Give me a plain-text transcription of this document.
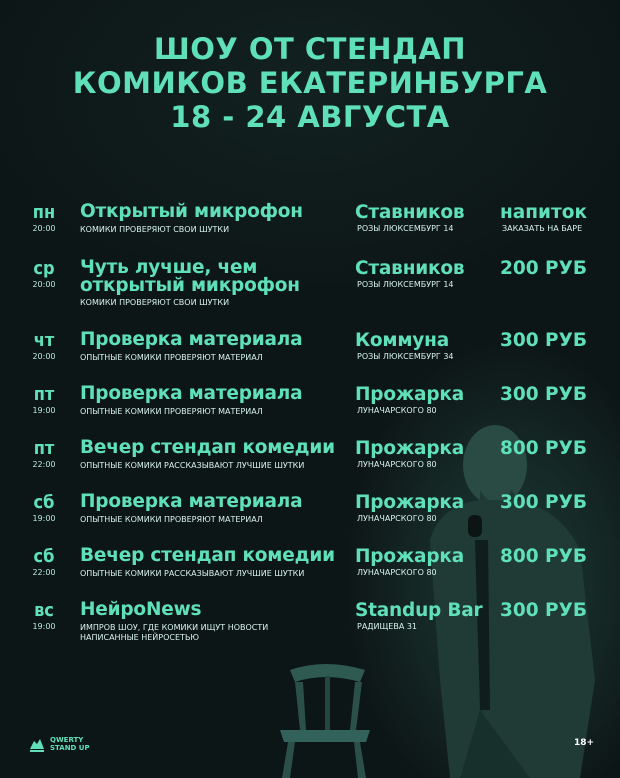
ШОУ ОТ СТЕНДАП
КОМИКОВ ЕКАТЕРИНБУРГА
18 - 24 АВГУСТА
пн
20:00
Открытый микрофон
КОМИКИ ПРОВЕРЯЮТ СВОИ ШУТКИ
Ставников
РОЗЫ ЛЮКСЕМБУРГ 14
напиток
ЗАКАЗАТЬ НА БАРЕ
ср
20:00
Чуть лучше, чем
открытый микрофон
КОМИКИ ПРОВЕРЯЮТ СВОИ ШУТКИ
Ставников
РОЗЫ ЛЮКСЕМБУРГ 14
200 РУБ
чт
20:00
Проверка материала
ОПЫТНЫЕ КОМИКИ ПРОВЕРЯЮТ МАТЕРИАЛ
Коммуна
РОЗЫ ЛЮКСЕМБУРГ 34
300 РУБ
пт
19:00
Проверка материала
ОПЫТНЫЕ КОМИКИ ПРОВЕРЯЮТ МАТЕРИАЛ
Прожарка
ЛУНАЧАРСКОГО 80
300 РУБ
пт
22:00
Вечер стендап комедии
ОПЫТНЫЕ КОМИКИ РАССКАЗЫВАЮТ ЛУЧШИЕ ШУТКИ
Прожарка
ЛУНАЧАРСКОГО 80
800 РУБ
сб
19:00
Проверка материала
ОПЫТНЫЕ КОМИКИ ПРОВЕРЯЮТ МАТЕРИАЛ
Прожарка
ЛУНАЧАРСКОГО 80
300 РУБ
сб
22:00
Вечер стендап комедии
ОПЫТНЫЕ КОМИКИ РАССКАЗЫВАЮТ ЛУЧШИЕ ШУТКИ
Прожарка
ЛУНАЧАРСКОГО 80
800 РУБ
вс
19:00
НейроNews
ИМПРОВ ШОУ, ГДЕ КОМИКИ ИЩУТ НОВОСТИ
НАПИСАННЫЕ НЕЙРОСЕТЬЮ
Standup Bar
РАДИЩЕВА 31
300 РУБ
QWERTY
STAND UP	18+
